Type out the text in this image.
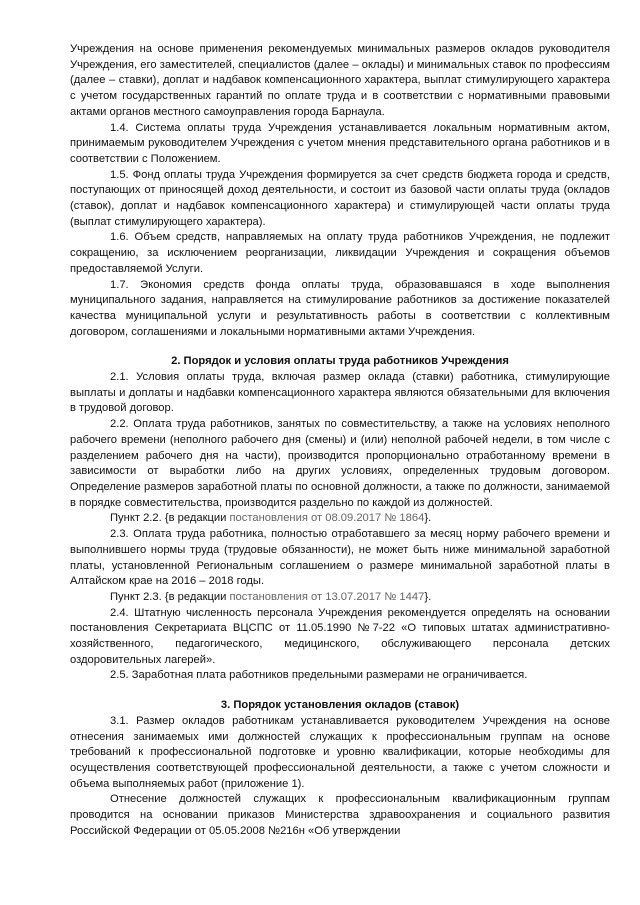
Учреждения на основе применения рекомендуемых минимальных размеров окладов руководителя Учреждения, его заместителей, специалистов (далее – оклады) и минимальных ставок по профессиям (далее – ставки), доплат и надбавок компенсационного характера, выплат стимулирующего характера с учетом государственных гарантий по оплате труда и в соответствии с нормативными правовыми актами органов местного самоуправления города Барнаула.

1.4. Система оплаты труда Учреждения устанавливается локальным нормативным актом, принимаемым руководителем Учреждения с учетом мнения представительного органа работников и в соответствии с Положением.

1.5. Фонд оплаты труда Учреждения формируется за счет средств бюджета города и средств, поступающих от приносящей доход деятельности, и состоит из базовой части оплаты труда (окладов (ставок), доплат и надбавок компенсационного характера) и стимулирующей части оплаты труда (выплат стимулирующего характера).

1.6. Объем средств, направляемых на оплату труда работников Учреждения, не подлежит сокращению, за исключением реорганизации, ликвидации Учреждения и сокращения объемов предоставляемой Услуги.

1.7. Экономия средств фонда оплаты труда, образовавшаяся в ходе выполнения муниципального задания, направляется на стимулирование работников за достижение показателей качества муниципальной услуги и результативность работы в соответствии с коллективным договором, соглашениями и локальными нормативными актами Учреждения.

2. Порядок и условия оплаты труда работников Учреждения

2.1. Условия оплаты труда, включая размер оклада (ставки) работника, стимулирующие выплаты и доплаты и надбавки компенсационного характера являются обязательными для включения в трудовой договор.

2.2. Оплата труда работников, занятых по совместительству, а также на условиях неполного рабочего времени (неполного рабочего дня (смены) и (или) неполной рабочей недели, в том числе с разделением рабочего дня на части), производится пропорционально отработанному времени в зависимости от выработки либо на других условиях, определенных трудовым договором. Определение размеров заработной платы по основной должности, а также по должности, занимаемой в порядке совместительства, производится раздельно по каждой из должностей.

Пункт 2.2. {в редакции постановления от 08.09.2017 № 1864}.

2.3. Оплата труда работника, полностью отработавшего за месяц норму рабочего времени и выполнившего нормы труда (трудовые обязанности), не может быть ниже минимальной заработной платы, установленной Региональным соглашением о размере минимальной заработной платы в Алтайском крае на 2016 – 2018 годы.

Пункт 2.3. {в редакции постановления от 13.07.2017 № 1447}.

2.4. Штатную численность персонала Учреждения рекомендуется определять на основании постановления Секретариата ВЦСПС от 11.05.1990 №7-22 «О типовых штатах административно-хозяйственного, педагогического, медицинского, обслуживающего персонала детских оздоровительных лагерей».

2.5. Заработная плата работников предельными размерами не ограничивается.

3. Порядок установления окладов (ставок)

3.1. Размер окладов работникам устанавливается руководителем Учреждения на основе отнесения занимаемых ими должностей служащих к профессиональным группам на основе требований к профессиональной подготовке и уровню квалификации, которые необходимы для осуществления соответствующей профессиональной деятельности, а также с учетом сложности и объема выполняемых работ (приложение 1).

Отнесение должностей служащих к профессиональным квалификационным группам проводится на основании приказов Министерства здравоохранения и социального развития Российской Федерации от 05.05.2008 №216н «Об утверждении
